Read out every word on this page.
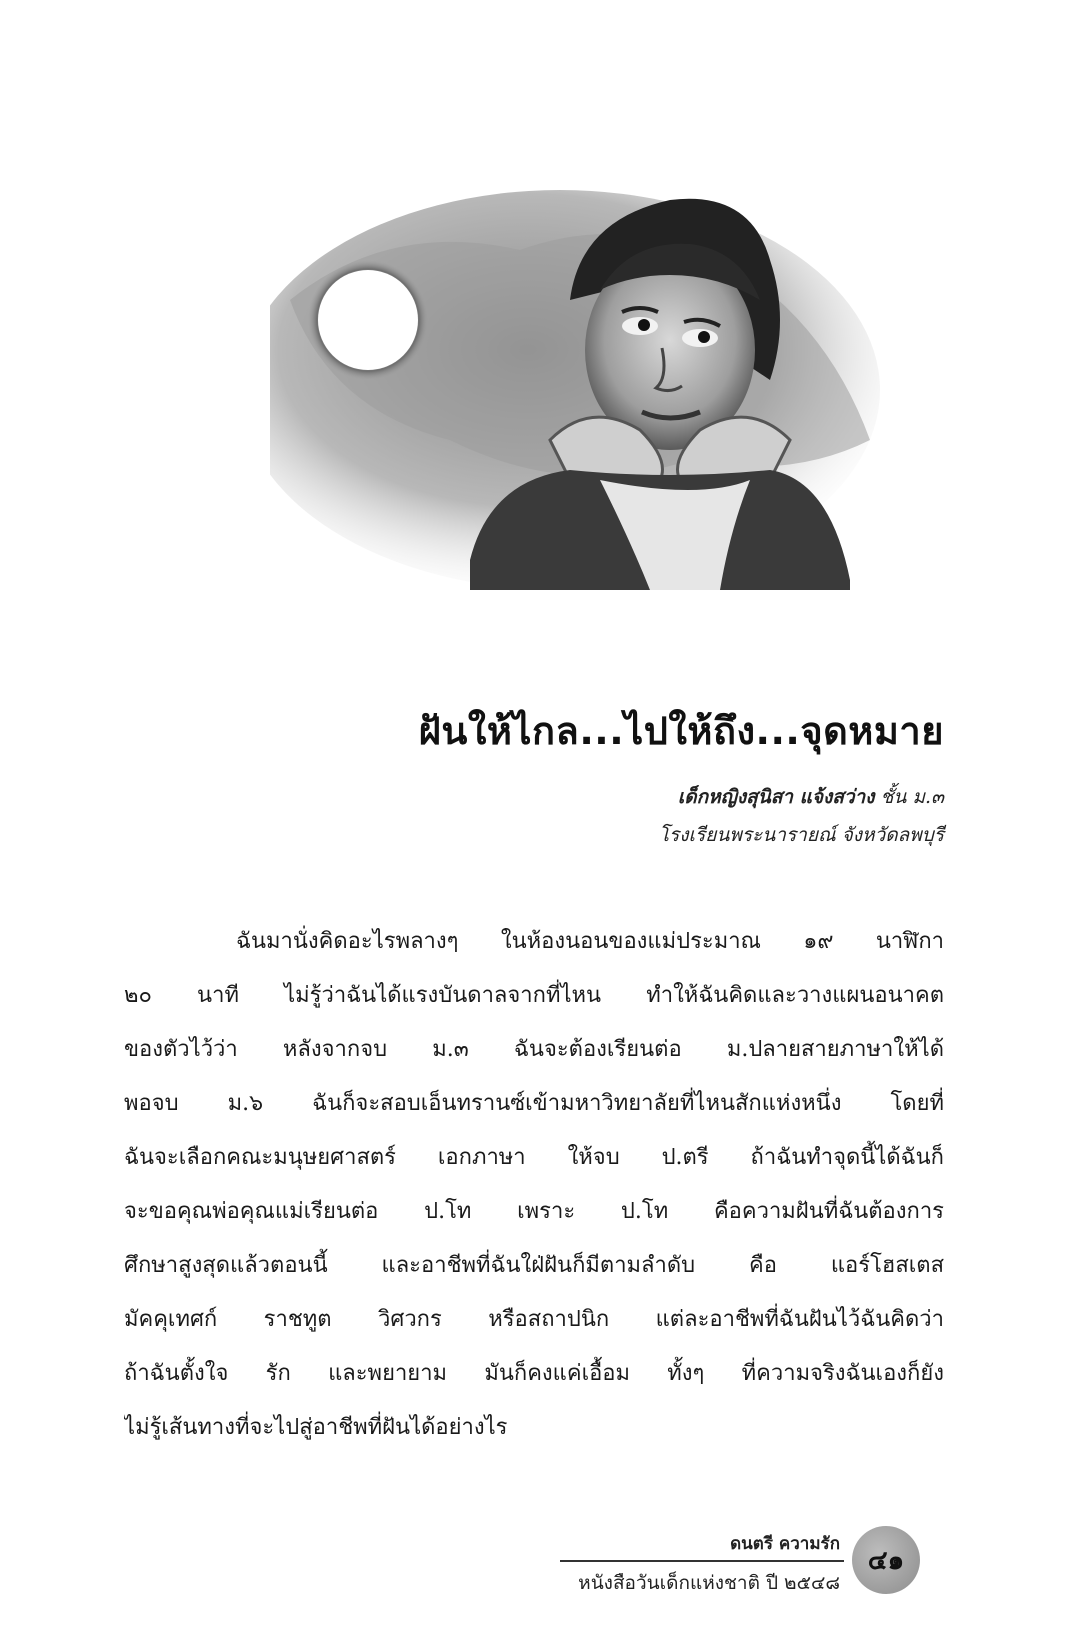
ฝันให้ไกล...ไปให้ถึง...จุดหมาย
เด็กหญิงสุนิสา แจ้งสว่าง ชั้น ม.๓
โรงเรียนพระนารายณ์ จังหวัดลพบุรี
ฉันมานั่งคิดอะไรพลางๆ ในห้องนอนของแม่ประมาณ ๑๙ นาฬิกา
๒๐ นาที ไม่รู้ว่าฉันได้แรงบันดาลจากที่ไหน ทำให้ฉันคิดและวางแผนอนาคต
ของตัวไว้ว่า หลังจากจบ ม.๓ ฉันจะต้องเรียนต่อ ม.ปลายสายภาษาให้ได้
พอจบ ม.๖ ฉันก็จะสอบเอ็นทรานซ์เข้ามหาวิทยาลัยที่ไหนสักแห่งหนึ่ง โดยที่
ฉันจะเลือกคณะมนุษยศาสตร์ เอกภาษา ให้จบ ป.ตรี ถ้าฉันทำจุดนี้ได้ฉันก็
จะขอคุณพ่อคุณแม่เรียนต่อ ป.โท เพราะ ป.โท คือความฝันที่ฉันต้องการ
ศึกษาสูงสุดแล้วตอนนี้ และอาชีพที่ฉันใฝ่ฝันก็มีตามลำดับ คือ แอร์โฮสเตส
มัคคุเทศก์ ราชทูต วิศวกร หรือสถาปนิก แต่ละอาชีพที่ฉันฝันไว้ฉันคิดว่า
ถ้าฉันตั้งใจ รัก และพยายาม มันก็คงแค่เอื้อม ทั้งๆ ที่ความจริงฉันเองก็ยัง
ไม่รู้เส้นทางที่จะไปสู่อาชีพที่ฝันได้อย่างไร
ดนตรี ความรัก
หนังสือวันเด็กแห่งชาติ ปี ๒๕๔๘
๔๑
